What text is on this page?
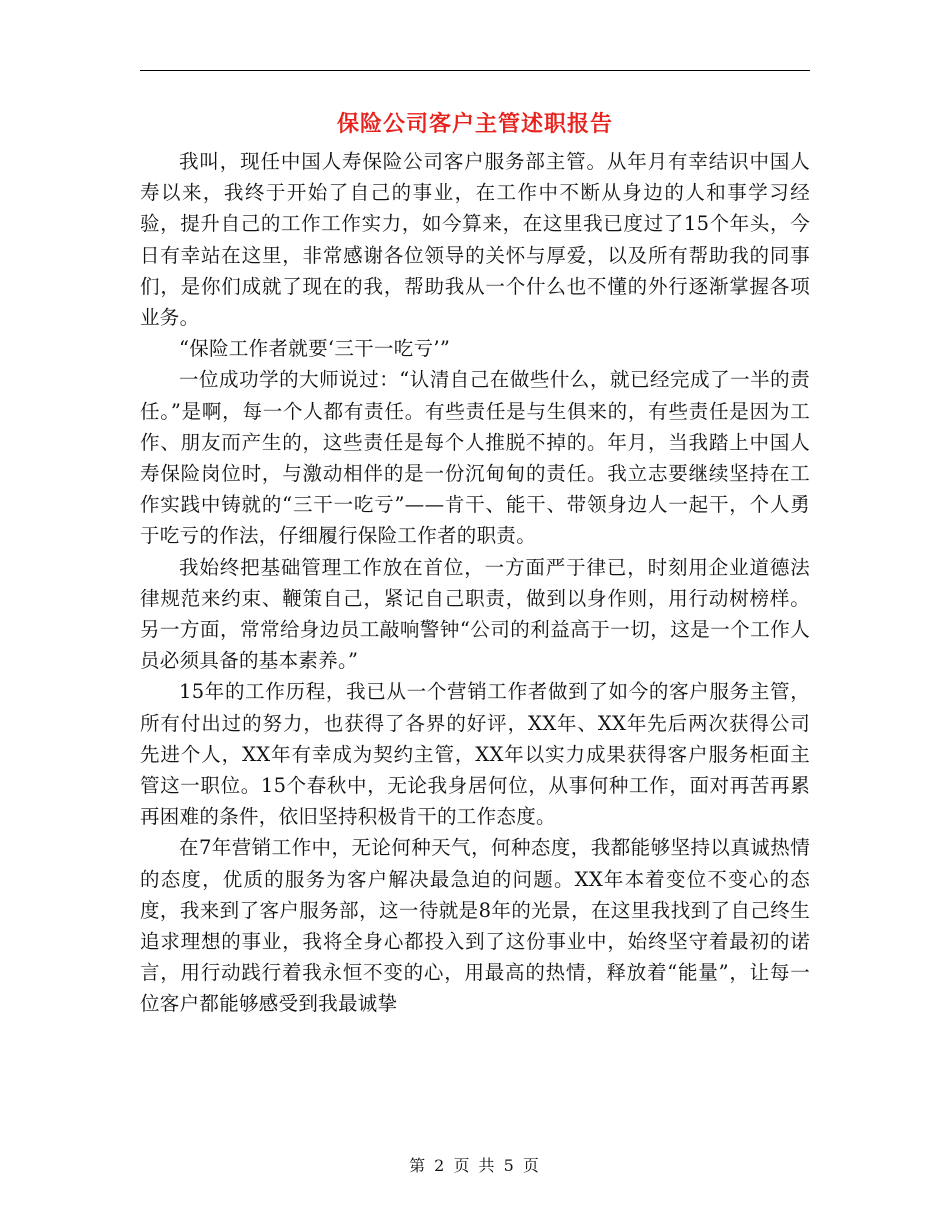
保险公司客户主管述职报告

我叫，现任中国人寿保险公司客户服务部主管。从年月有幸结识中国人寿以来，我终于开始了自己的事业，在工作中不断从身边的人和事学习经验，提升自己的工作工作实力，如今算来，在这里我已度过了15个年头，今日有幸站在这里，非常感谢各位领导的关怀与厚爱，以及所有帮助我的同事们，是你们成就了现在的我，帮助我从一个什么也不懂的外行逐渐掌握各项业务。

“保险工作者就要‘三干一吃亏’”

一位成功学的大师说过：“认清自己在做些什么，就已经完成了一半的责任。”是啊，每一个人都有责任。有些责任是与生俱来的，有些责任是因为工作、朋友而产生的，这些责任是每个人推脱不掉的。年月，当我踏上中国人寿保险岗位时，与激动相伴的是一份沉甸甸的责任。我立志要继续坚持在工作实践中铸就的“三干一吃亏”——肯干、能干、带领身边人一起干，个人勇于吃亏的作法，仔细履行保险工作者的职责。

我始终把基础管理工作放在首位，一方面严于律已，时刻用企业道德法律规范来约束、鞭策自己，紧记自己职责，做到以身作则，用行动树榜样。另一方面，常常给身边员工敲响警钟“公司的利益高于一切，这是一个工作人员必须具备的基本素养。”

15年的工作历程，我已从一个营销工作者做到了如今的客户服务主管，所有付出过的努力，也获得了各界的好评，XX年、XX年先后两次获得公司先进个人，XX年有幸成为契约主管，XX年以实力成果获得客户服务柜面主管这一职位。15个春秋中，无论我身居何位，从事何种工作，面对再苦再累再困难的条件，依旧坚持积极肯干的工作态度。

在7年营销工作中，无论何种天气，何种态度，我都能够坚持以真诚热情的态度，优质的服务为客户解决最急迫的问题。XX年本着变位不变心的态度，我来到了客户服务部，这一待就是8年的光景，在这里我找到了自己终生追求理想的事业，我将全身心都投入到了这份事业中，始终坚守着最初的诺言，用行动践行着我永恒不变的心，用最高的热情，释放着“能量”，让每一位客户都能够感受到我最诚挚

第 2 页 共 5 页
